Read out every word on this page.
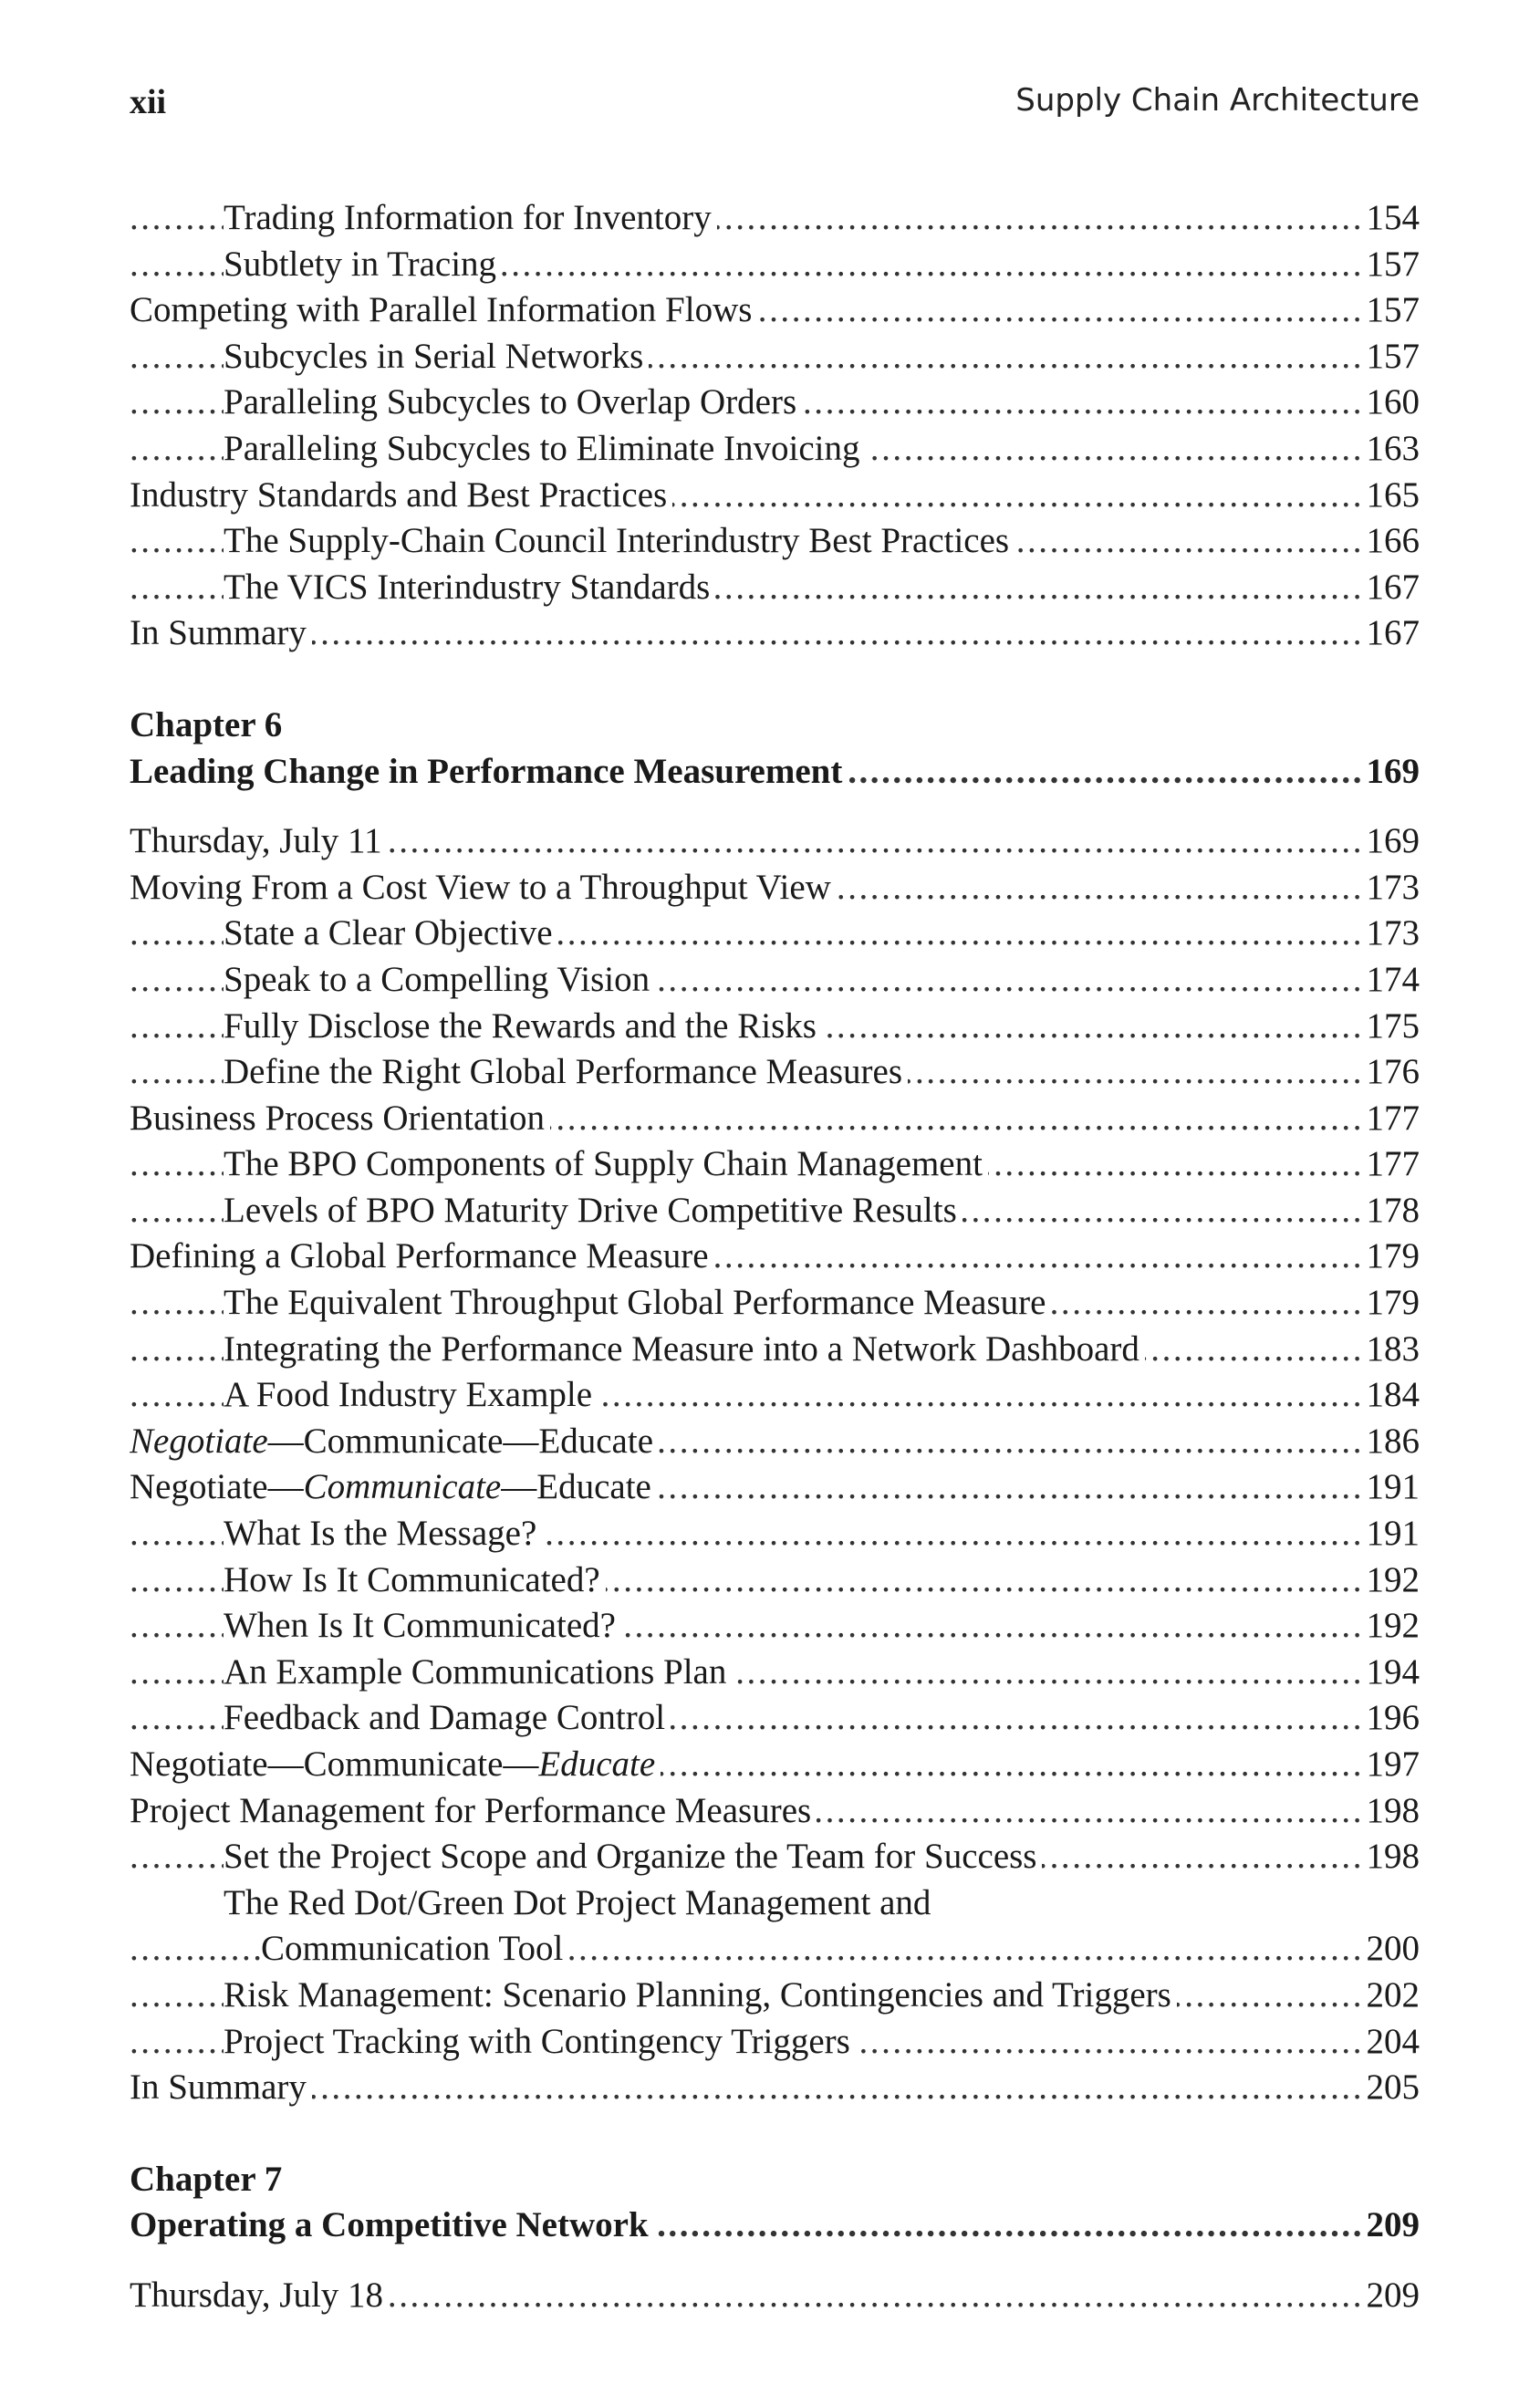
xii	Supply Chain Architecture
Trading Information for Inventory	154
. . .
Subtlety in Tracing	157
. . .
Competing with Parallel Information Flows	157
. . .
Subcycles in Serial Networks	157
. . .
Paralleling Subcycles to Overlap Orders	160
. . .
Paralleling Subcycles to Eliminate Invoicing	163
. . .
Industry Standards and Best Practices	165
. . .
The Supply-Chain Council Interindustry Best Practices	166
. . .
The VICS Interindustry Standards	167
. . .
In Summary	167
. . .
Chapter 6
Leading Change in Performance Measurement	169
. . .
Thursday, July 11	169
. . .
Moving From a Cost View to a Throughput View	173
. . .
State a Clear Objective	173
. . .
Speak to a Compelling Vision	174
. . .
Fully Disclose the Rewards and the Risks	175
. . .
Define the Right Global Performance Measures	176
. . .
Business Process Orientation	177
. . .
The BPO Components of Supply Chain Management	177
. . .
Levels of BPO Maturity Drive Competitive Results	178
. . .
Defining a Global Performance Measure	179
. . .
The Equivalent Throughput Global Performance Measure	179
. . .
Integrating the Performance Measure into a Network Dashboard	183
. . .
A Food Industry Example	184
. . .
Negotiate—Communicate—Educate	186
. . .
Negotiate—Communicate—Educate	191
. . .
What Is the Message?	191
. . .
How Is It Communicated?	192
. . .
When Is It Communicated?	192
. . .
An Example Communications Plan	194
. . .
Feedback and Damage Control	196
. . .
Negotiate—Communicate—Educate	197
. . .
Project Management for Performance Measures	198
. . .
Set the Project Scope and Organize the Team for Success	198
. . .
The Red Dot/Green Dot Project Management and
Communication Tool	200
. . .
Risk Management: Scenario Planning, Contingencies and Triggers	202
. . .
Project Tracking with Contingency Triggers	204
. . .
In Summary	205
. . .
Chapter 7
Operating a Competitive Network	209
. . .
Thursday, July 18	209
. . .
